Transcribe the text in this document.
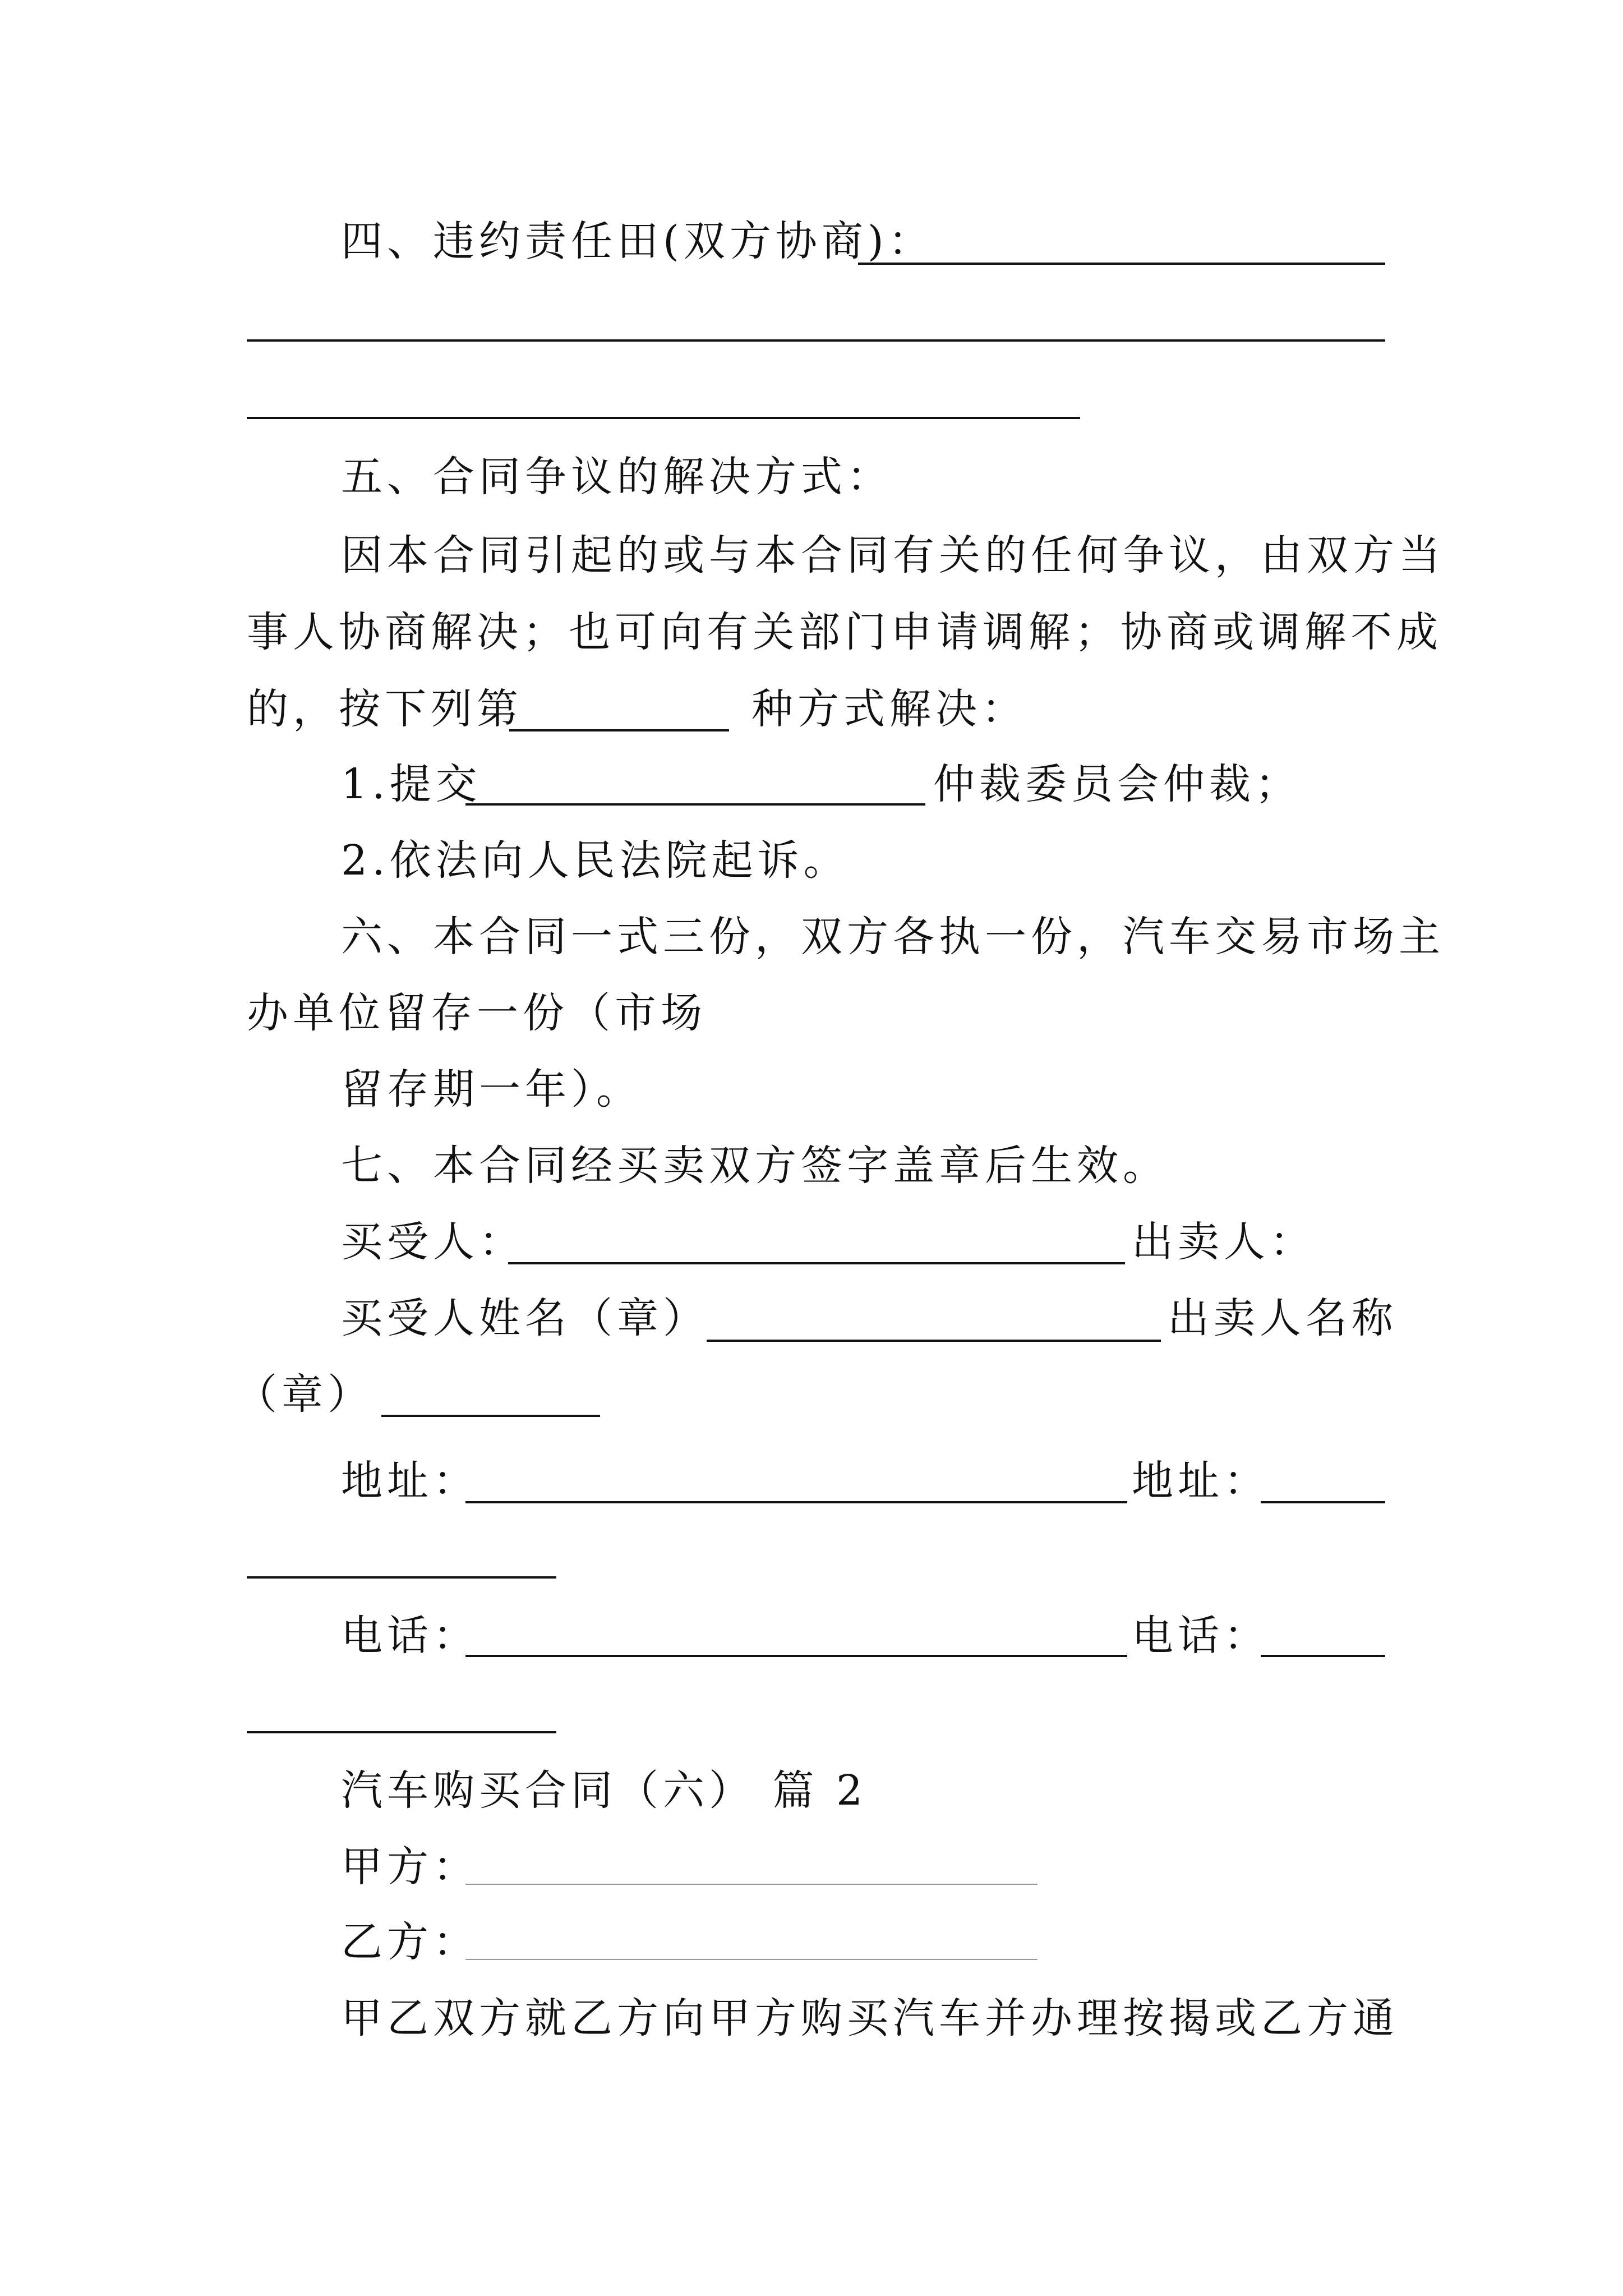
四、违约责任田(双方协商)：
五、合同争议的解决方式：
因本合同引起的或与本合同有关的任何争议，由双方当
事人协商解决；也可向有关部门申请调解；协商或调解不成
的，按下列第	种方式解决：
1.提交	仲裁委员会仲裁；
2.依法向人民法院起诉。
六、本合同一式三份，双方各执一份，汽车交易市场主
办单位留存一份（市场
留存期一年）。
七、本合同经买卖双方签字盖章后生效。
买受人：	出卖人：
买受人姓名（章）	出卖人名称
（章）
地址：	地址：
电话：	电话：
汽车购买合同（六） 篇 2
甲方：
乙方：
甲乙双方就乙方向甲方购买汽车并办理按揭或乙方通
